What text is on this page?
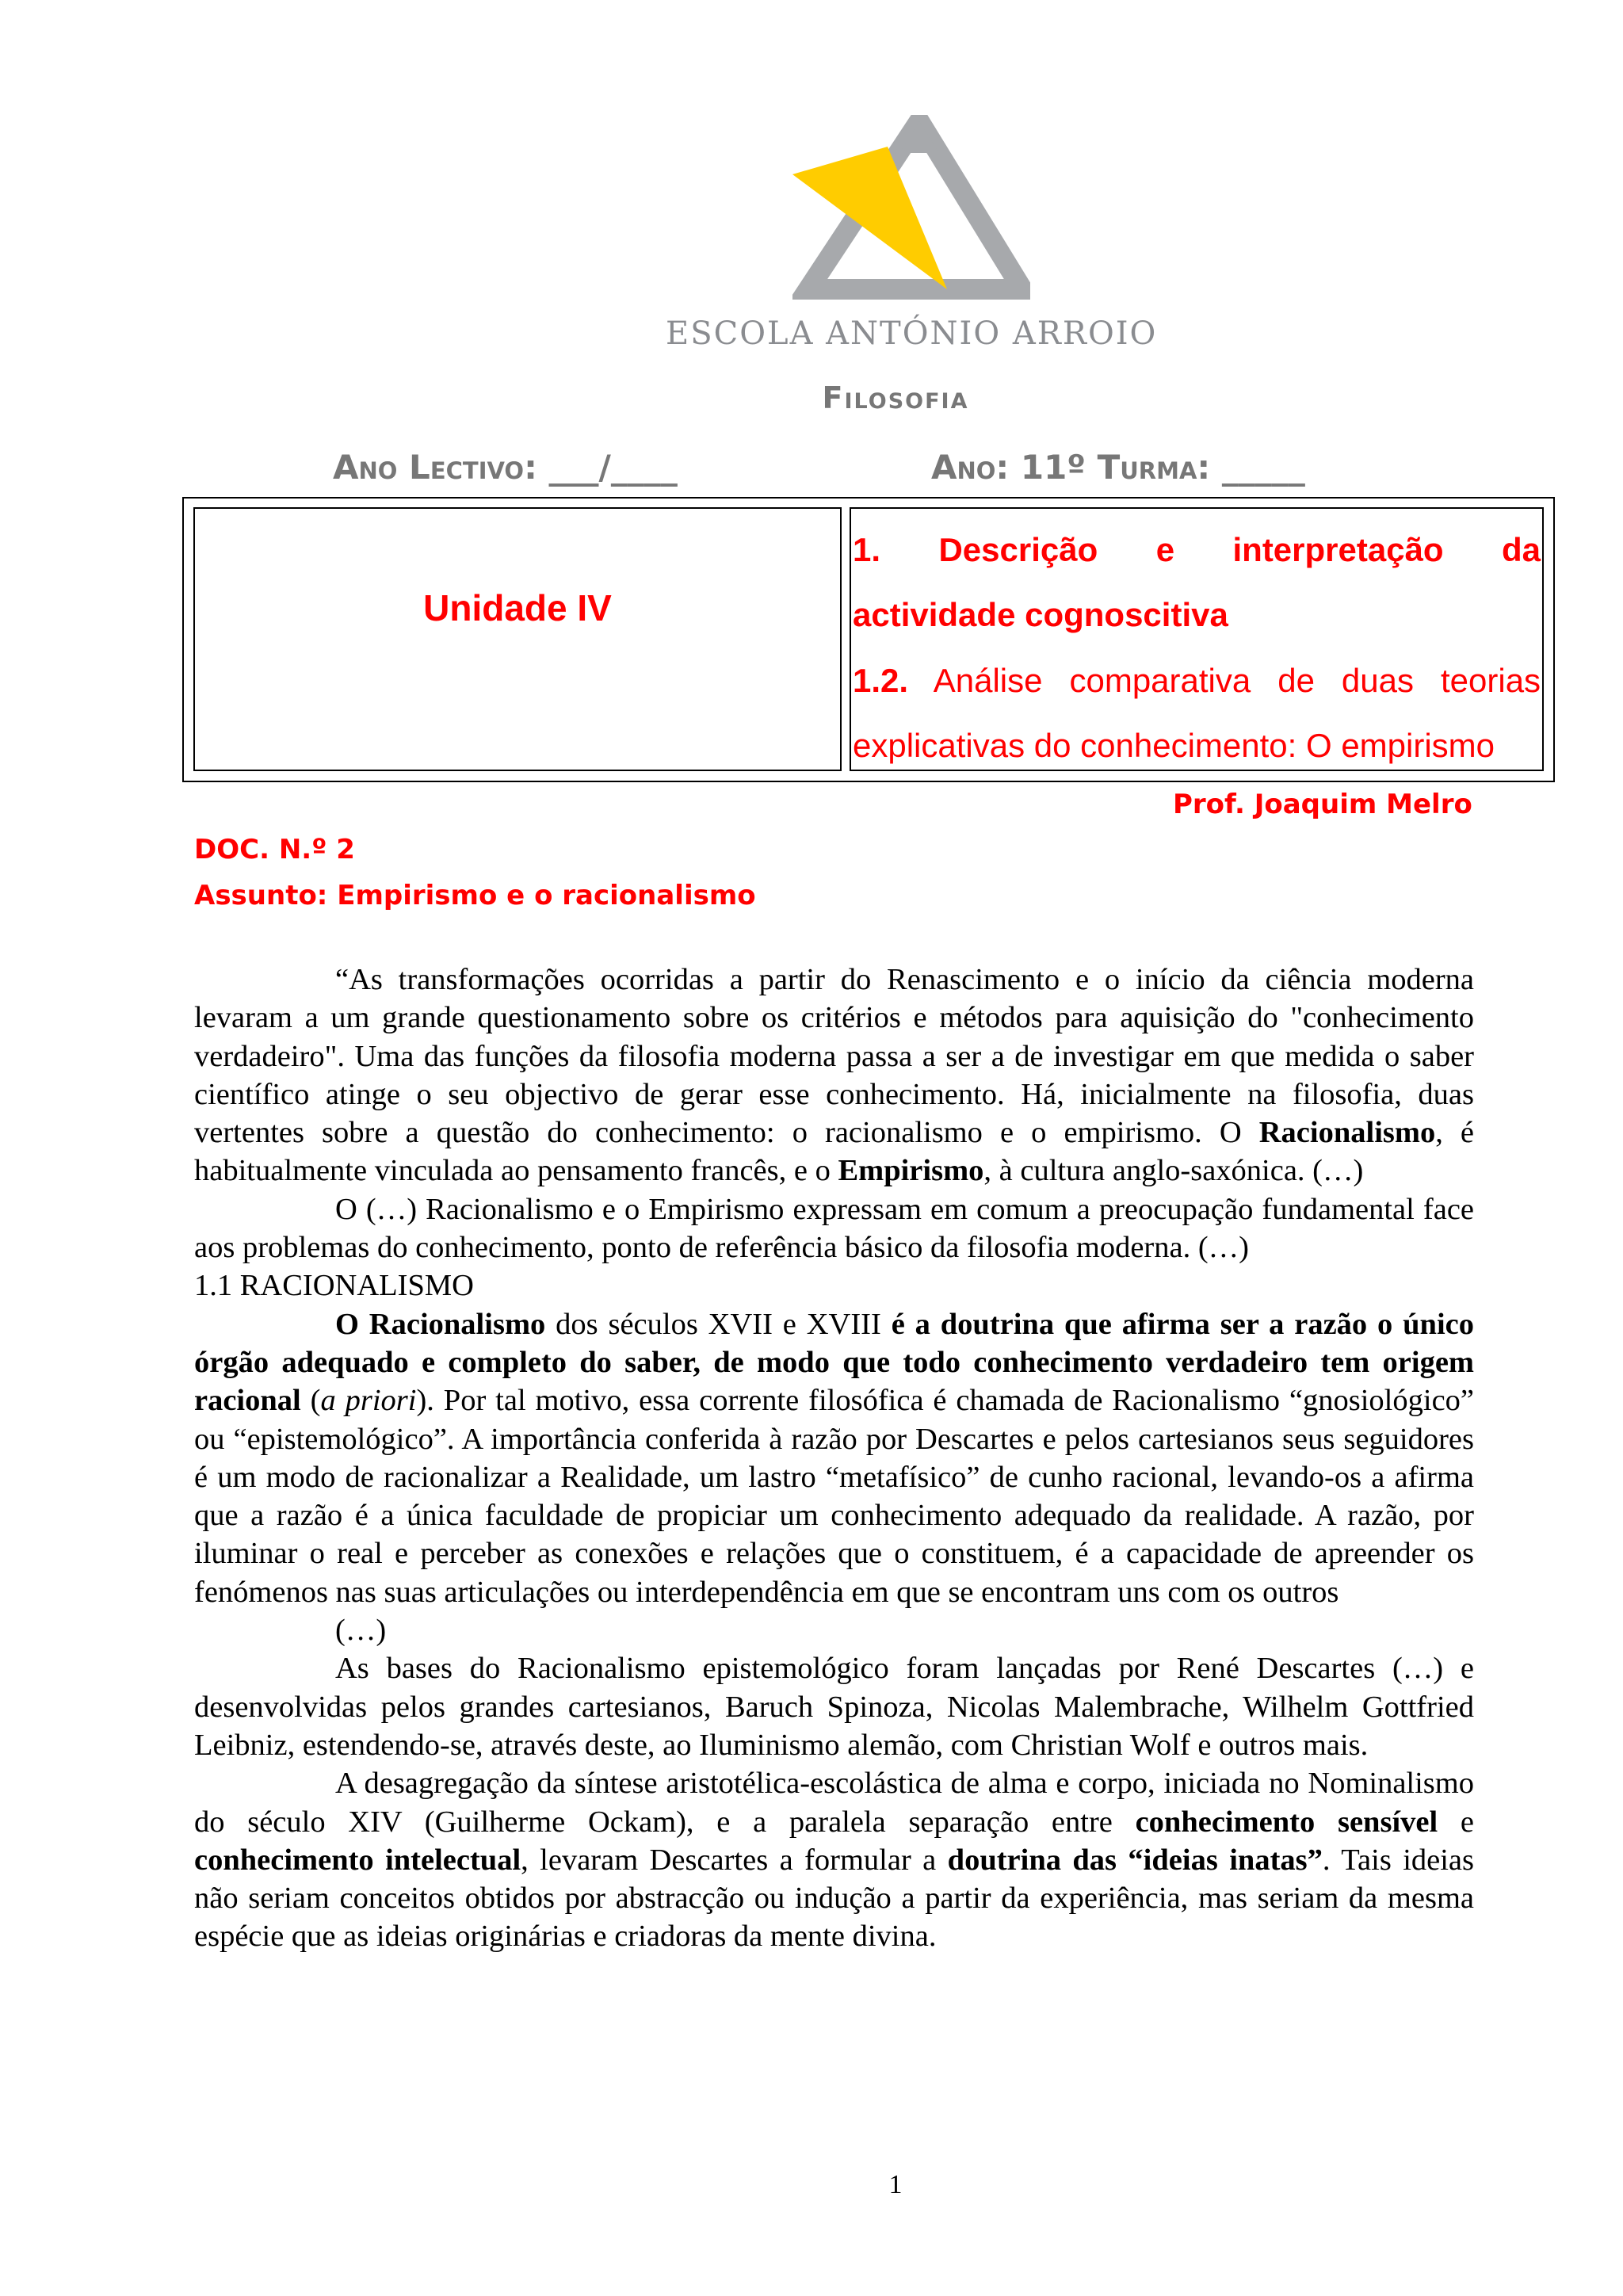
ESCOLA ANTÓNIO ARROIO
Filosofia
Ano Lectivo: ___/____	Ano: 11º Turma: _____
Unidade IV
1. Descrição e interpretação da
actividade cognoscitiva
1.2. Análise comparativa de duas teorias
explicativas do conhecimento: O empirismo
Prof. Joaquim Melro
DOC. N.º 2
Assunto: Empirismo e o racionalismo

“As transformações ocorridas a partir do Renascimento e o início da ciência moderna levaram a um grande questionamento sobre os critérios e métodos para aquisição do "conhecimento verdadeiro". Uma das funções da filosofia moderna passa a ser a de investigar em que medida o saber científico atinge o seu objectivo de gerar esse conhecimento. Há, inicialmente na filosofia, duas vertentes sobre a questão do conhecimento: o racionalismo e o empirismo. O Racionalismo, é habitualmente vinculada ao pensamento francês, e o Empirismo, à cultura anglo-saxónica. (…)

O (…) Racionalismo e o Empirismo expressam em comum a preocupação fundamental face aos problemas do conhecimento, ponto de referência básico da filosofia moderna. (…)

1.1 RACIONALISMO

O Racionalismo dos séculos XVII e XVIII é a doutrina que afirma ser a razão o único órgão adequado e completo do saber, de modo que todo conhecimento verdadeiro tem origem racional (a priori). Por tal motivo, essa corrente filosófica é chamada de Racionalismo “gnosiológico” ou “epistemológico”. A importância conferida à razão por Descartes e pelos cartesianos seus seguidores é um modo de racionalizar a Realidade, um lastro “metafísico” de cunho racional, levando-os a afirma que a razão é a única faculdade de propiciar um conhecimento adequado da realidade. A razão, por iluminar o real e perceber as conexões e relações que o constituem, é a capacidade de apreender os fenómenos nas suas articulações ou interdependência em que se encontram uns com os outros

(…)

As bases do Racionalismo epistemológico foram lançadas por René Descartes (…) e desenvolvidas pelos grandes cartesianos, Baruch Spinoza, Nicolas Malembrache, Wilhelm Gottfried Leibniz, estendendo-se, através deste, ao Iluminismo alemão, com Christian Wolf e outros mais.

A desagregação da síntese aristotélica-escolástica de alma e corpo, iniciada no Nominalismo do século XIV (Guilherme Ockam), e a paralela separação entre conhecimento sensível e conhecimento intelectual, levaram Descartes a formular a doutrina das “ideias inatas”. Tais ideias não seriam conceitos obtidos por abstracção ou indução a partir da experiência, mas seriam da mesma espécie que as ideias originárias e criadoras da mente divina.

1
